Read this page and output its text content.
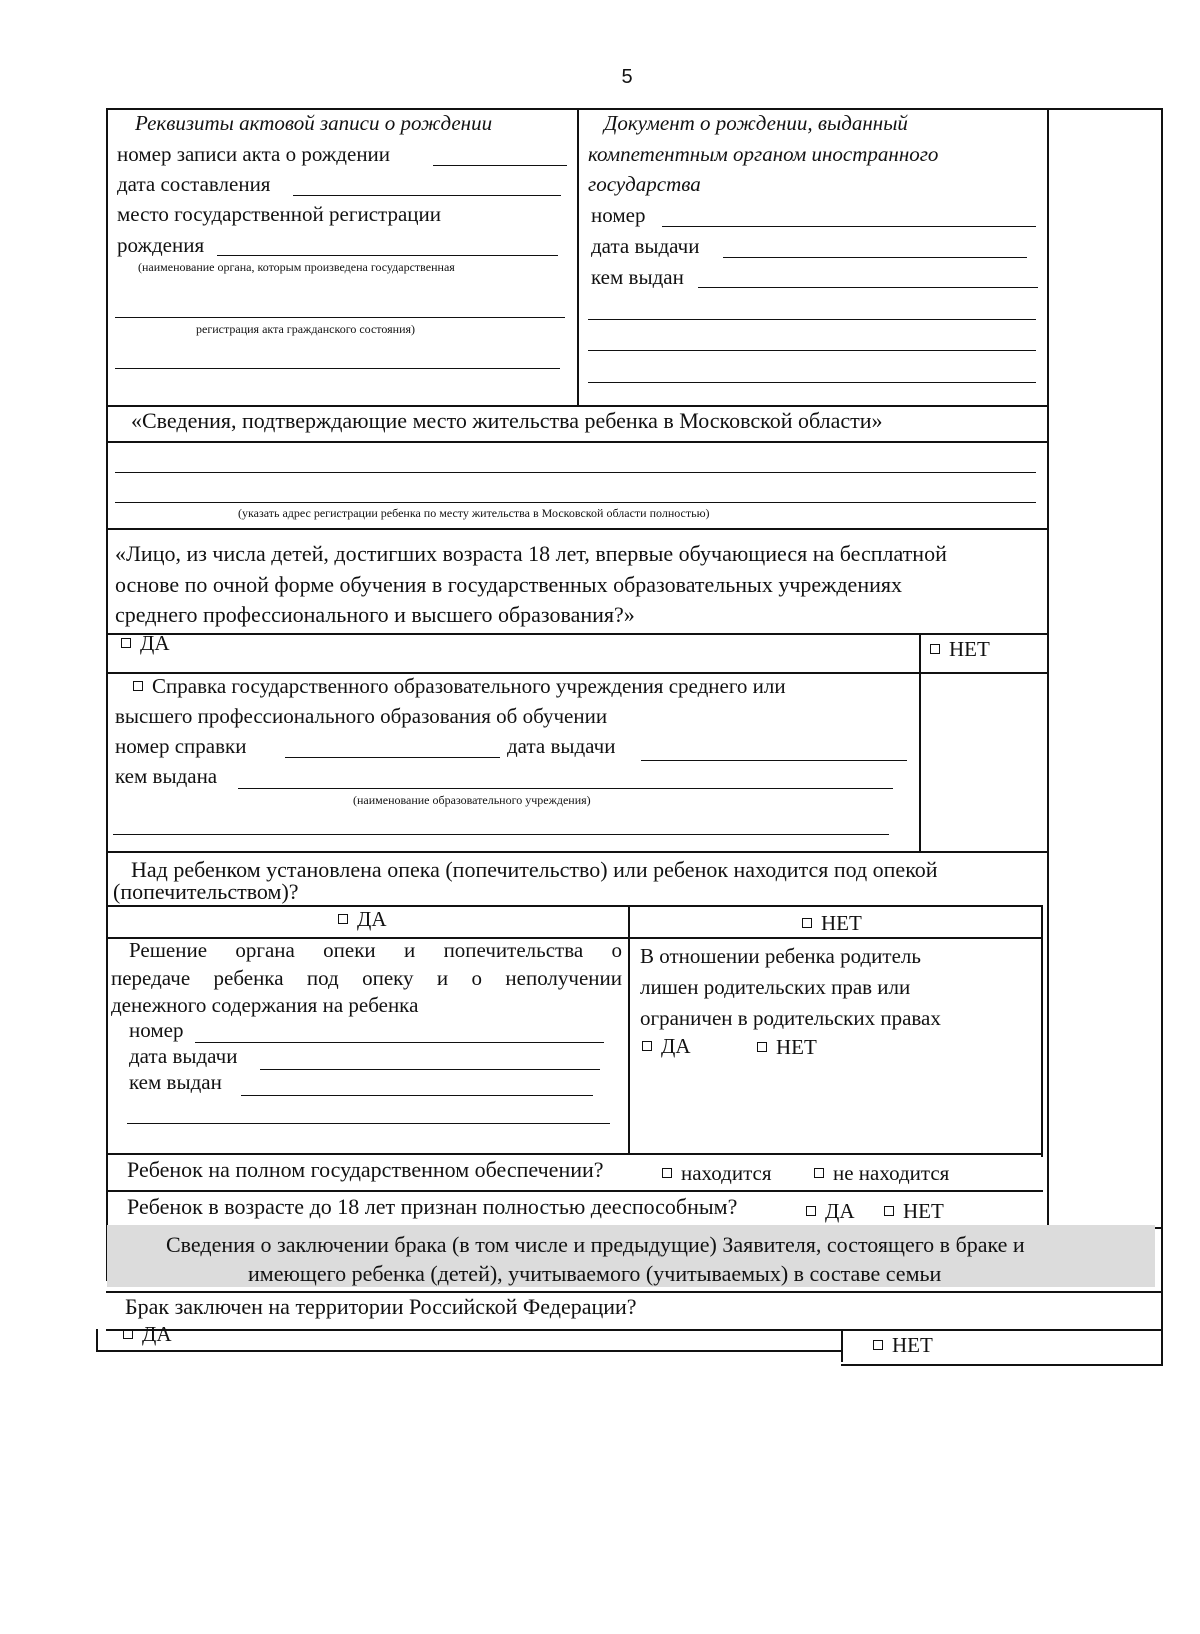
5
Реквизиты актовой записи о рождении
номер записи акта о рождении
дата составления
место государственной регистрации
рождения
(наименование органа, которым произведена государственная
регистрация акта гражданского состояния)
Документ о рождении, выданный
компетентным органом иностранного
государства
номер
дата выдачи
кем выдан
«Сведения, подтверждающие место жительства ребенка в Московской области»
(указать адрес регистрации ребенка по месту жительства в Московской области полностью)
«Лицо, из числа детей, достигших возраста 18 лет, впервые обучающиеся на бесплатной
основе по очной форме обучения в государственных образовательных учреждениях
среднего профессионального и высшего образования?»
ДА	НЕТ
Справка государственного образовательного учреждения среднего или
высшего профессионального образования об обучении
номер справки	дата выдачи
кем выдана
(наименование образовательного учреждения)
Над ребенком установлена опека (попечительство) или ребенок находится под опекой
(попечительством)?
ДА	НЕТ
Решение органа опеки и попечительства о
передаче ребенка под опеку и о неполучении
денежного содержания на ребенка
номер
дата выдачи
кем выдан
В отношении ребенка родитель
лишен родительских прав или
ограничен в родительских правах
ДА	НЕТ
Ребенок на полном государственном обеспечении?	находится	не находится
Ребенок в возрасте до 18 лет признан полностью дееспособным?	ДА	НЕТ
Сведения о заключении брака (в том числе и предыдущие) Заявителя, состоящего в браке и
имеющего ребенка (детей), учитываемого (учитываемых) в составе семьи
Брак заключен на территории Российской Федерации?
ДА	НЕТ
